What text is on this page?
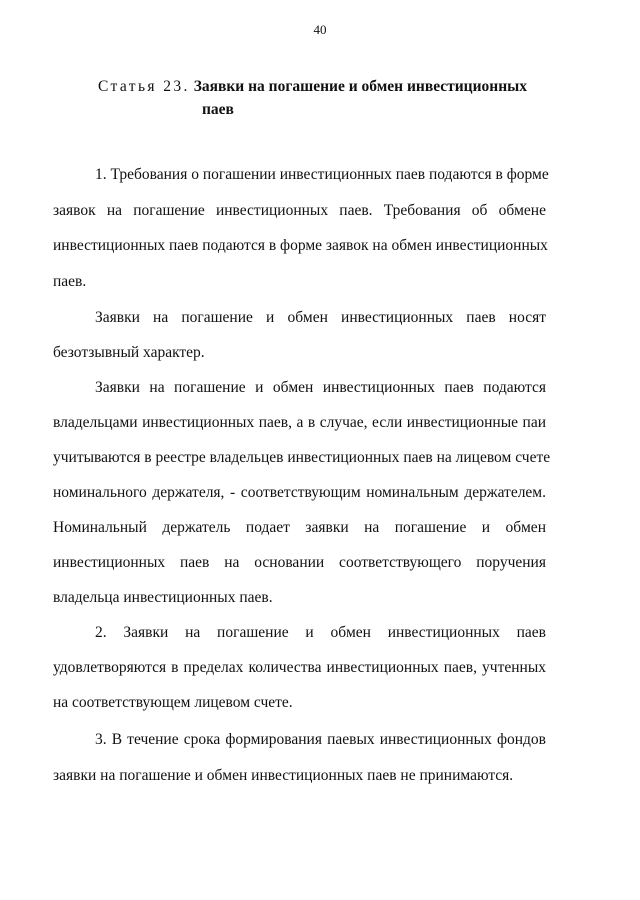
40
Статья 23. Заявки на погашение и обмен инвестиционных
паев
1. Требования о погашении инвестиционных паев подаются в форме
заявок на погашение инвестиционных паев. Требования об обмене
инвестиционных паев подаются в форме заявок на обмен инвестиционных
паев.
Заявки на погашение и обмен инвестиционных паев носят
безотзывный характер.
Заявки на погашение и обмен инвестиционных паев подаются
владельцами инвестиционных паев, а в случае, если инвестиционные паи
учитываются в реестре владельцев инвестиционных паев на лицевом счете
номинального держателя, - соответствующим номинальным держателем.
Номинальный держатель подает заявки на погашение и обмен
инвестиционных паев на основании соответствующего поручения
владельца инвестиционных паев.
2. Заявки на погашение и обмен инвестиционных паев
удовлетворяются в пределах количества инвестиционных паев, учтенных
на соответствующем лицевом счете.
3. В течение срока формирования паевых инвестиционных фондов
заявки на погашение и обмен инвестиционных паев не принимаются.
